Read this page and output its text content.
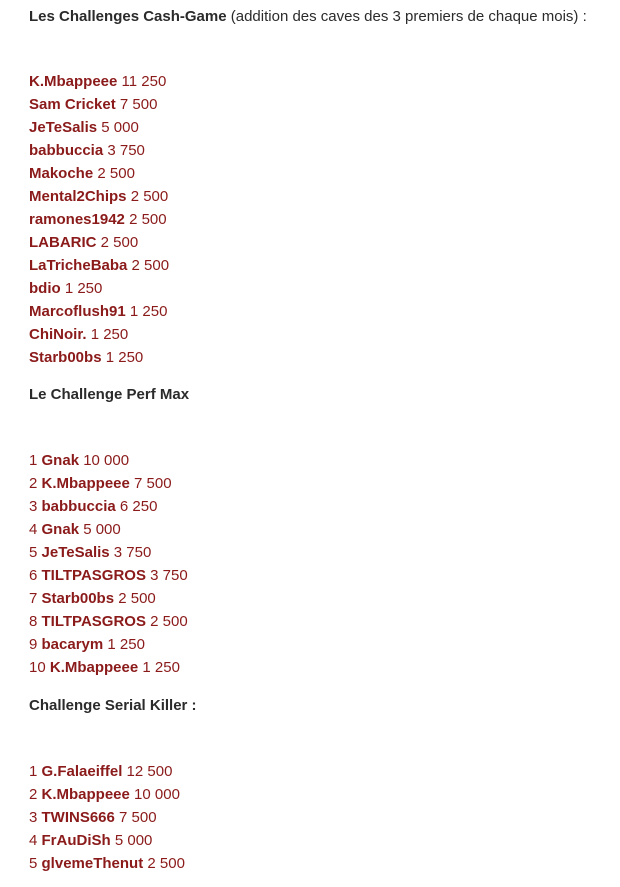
Les Challenges Cash-Game (addition des caves des 3 premiers de chaque mois) :

K.Mbappeee 11 250
Sam Cricket 7 500
JeTeSalis 5 000
babbuccia 3 750
Makoche 2 500
Mental2Chips 2 500
ramones1942 2 500
LABARIC 2 500
LaTricheBaba 2 500
bdio 1 250
Marcoflush91 1 250
ChiNoir. 1 250
Starb00bs 1 250

Le Challenge Perf Max

1 Gnak 10 000
2 K.Mbappeee 7 500
3 babbuccia 6 250
4 Gnak 5 000
5 JeTeSalis 3 750
6 TILTPASGROS 3 750
7 Starb00bs 2 500
8 TILTPASGROS 2 500
9 bacarym 1 250
10 K.Mbappeee 1 250

Challenge Serial Killer :

1 G.Falaeiffel 12 500
2 K.Mbappeee 10 000
3 TWINS666 7 500
4 FrAuDiSh 5 000
5 glvemeThenut 2 500
